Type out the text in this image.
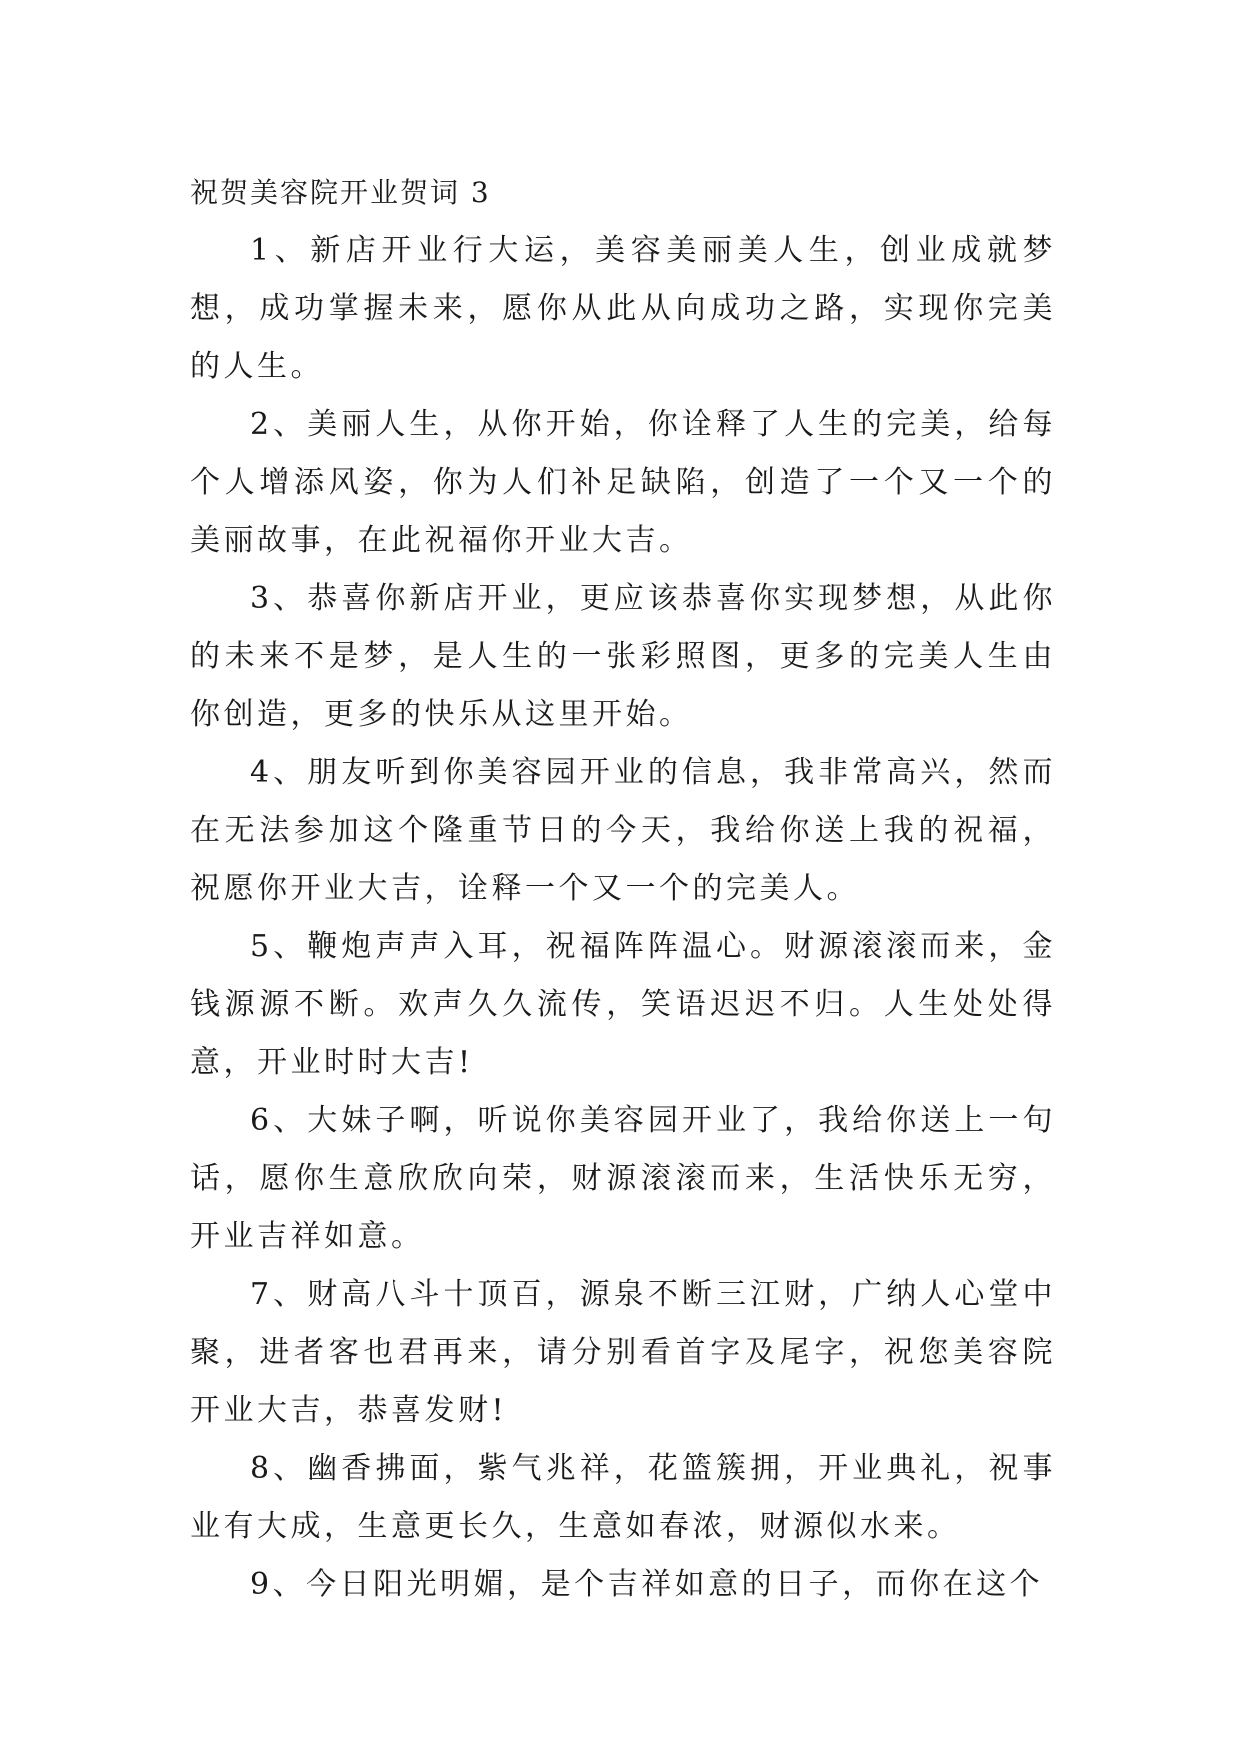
祝贺美容院开业贺词 3

1、新店开业行大运，美容美丽美人生，创业成就梦想，成功掌握未来，愿你从此从向成功之路，实现你完美的人生。

2、美丽人生，从你开始，你诠释了人生的完美，给每个人增添风姿，你为人们补足缺陷，创造了一个又一个的美丽故事，在此祝福你开业大吉。

3、恭喜你新店开业，更应该恭喜你实现梦想，从此你的未来不是梦，是人生的一张彩照图，更多的完美人生由你创造，更多的快乐从这里开始。

4、朋友听到你美容园开业的信息，我非常高兴，然而在无法参加这个隆重节日的今天，我给你送上我的祝福，祝愿你开业大吉，诠释一个又一个的完美人。

5、鞭炮声声入耳，祝福阵阵温心。财源滚滚而来，金钱源源不断。欢声久久流传，笑语迟迟不归。人生处处得意，开业时时大吉!

6、大妹子啊，听说你美容园开业了，我给你送上一句话，愿你生意欣欣向荣，财源滚滚而来，生活快乐无穷，开业吉祥如意。

7、财高八斗十顶百，源泉不断三江财，广纳人心堂中聚，进者客也君再来，请分别看首字及尾字，祝您美容院开业大吉，恭喜发财!

8、幽香拂面，紫气兆祥，花篮簇拥，开业典礼，祝事业有大成，生意更长久，生意如春浓，财源似水来。

9、今日阳光明媚，是个吉祥如意的日子，而你在这个
